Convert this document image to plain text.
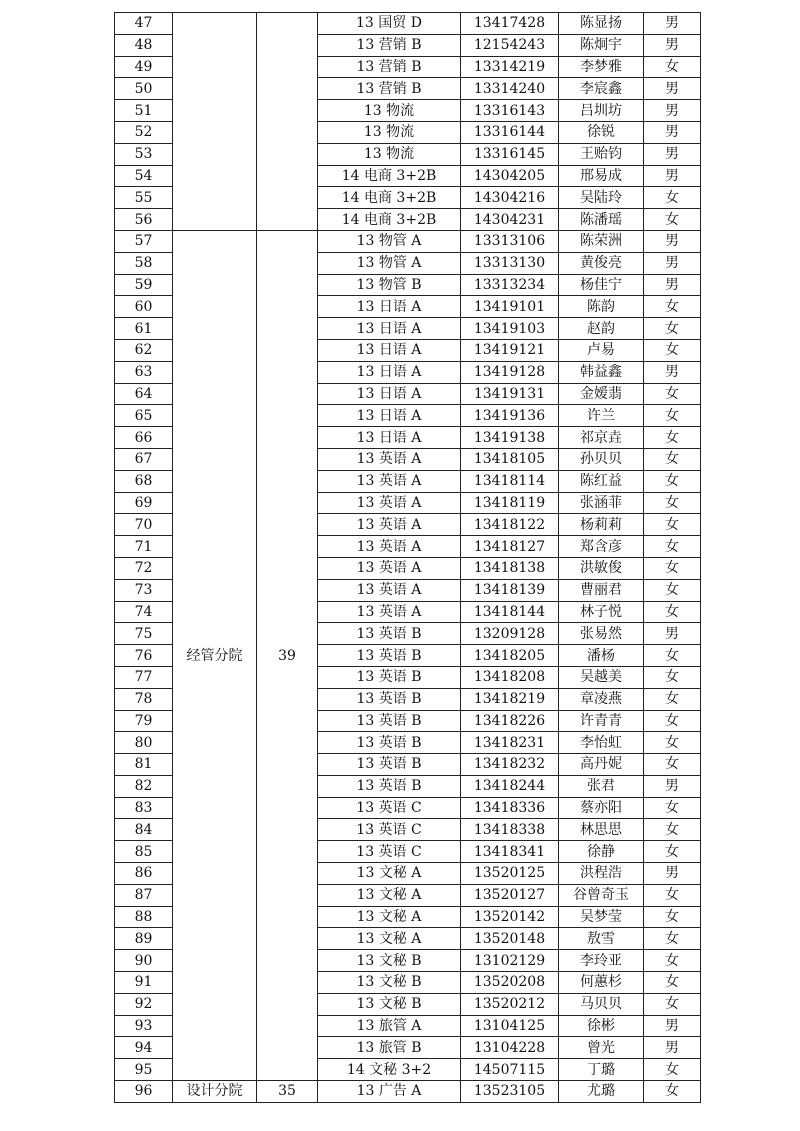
47			13 国贸 D	13417428	陈显扬	男
48			13 营销 B	12154243	陈炯宇	男
49			13 营销 B	13314219	李梦雅	女
50			13 营销 B	13314240	李宸鑫	男
51			13 物流	13316143	吕圳坊	男
52			13 物流	13316144	徐锐	男
53			13 物流	13316145	王贻钧	男
54			14 电商 3+2B	14304205	邢易成	男
55			14 电商 3+2B	14304216	吴陆玲	女
56			14 电商 3+2B	14304231	陈潘瑶	女
57	经管分院	39	13 物管 A	13313106	陈荣洲	男
58			13 物管 A	13313130	黄俊亮	男
59			13 物管 B	13313234	杨佳宁	男
60			13 日语 A	13419101	陈韵	女
61			13 日语 A	13419103	赵韵	女
62			13 日语 A	13419121	卢易	女
63			13 日语 A	13419128	韩益鑫	男
64			13 日语 A	13419131	金嫒翡	女
65			13 日语 A	13419136	许兰	女
66			13 日语 A	13419138	祁京垚	女
67			13 英语 A	13418105	孙贝贝	女
68			13 英语 A	13418114	陈红益	女
69			13 英语 A	13418119	张涵菲	女
70			13 英语 A	13418122	杨莉莉	女
71			13 英语 A	13418127	郑含彦	女
72			13 英语 A	13418138	洪敏俊	女
73			13 英语 A	13418139	曹丽君	女
74			13 英语 A	13418144	林子悦	女
75			13 英语 B	13209128	张易然	男
76			13 英语 B	13418205	潘杨	女
77			13 英语 B	13418208	吴越美	女
78			13 英语 B	13418219	章凌燕	女
79			13 英语 B	13418226	许青青	女
80			13 英语 B	13418231	李怡虹	女
81			13 英语 B	13418232	高丹妮	女
82			13 英语 B	13418244	张君	男
83			13 英语 C	13418336	蔡亦阳	女
84			13 英语 C	13418338	林思思	女
85			13 英语 C	13418341	徐静	女
86			13 文秘 A	13520125	洪程浩	男
87			13 文秘 A	13520127	谷曾奇玉	女
88			13 文秘 A	13520142	吴梦莹	女
89			13 文秘 A	13520148	敖雪	女
90			13 文秘 B	13102129	李玲亚	女
91			13 文秘 B	13520208	何蕙杉	女
92			13 文秘 B	13520212	马贝贝	女
93			13 旅管 A	13104125	徐彬	男
94			13 旅管 B	13104228	曾光	男
95			14 文秘 3+2	14507115	丁璐	女
96	设计分院	35	13 广告 A	13523105	尤璐	女
